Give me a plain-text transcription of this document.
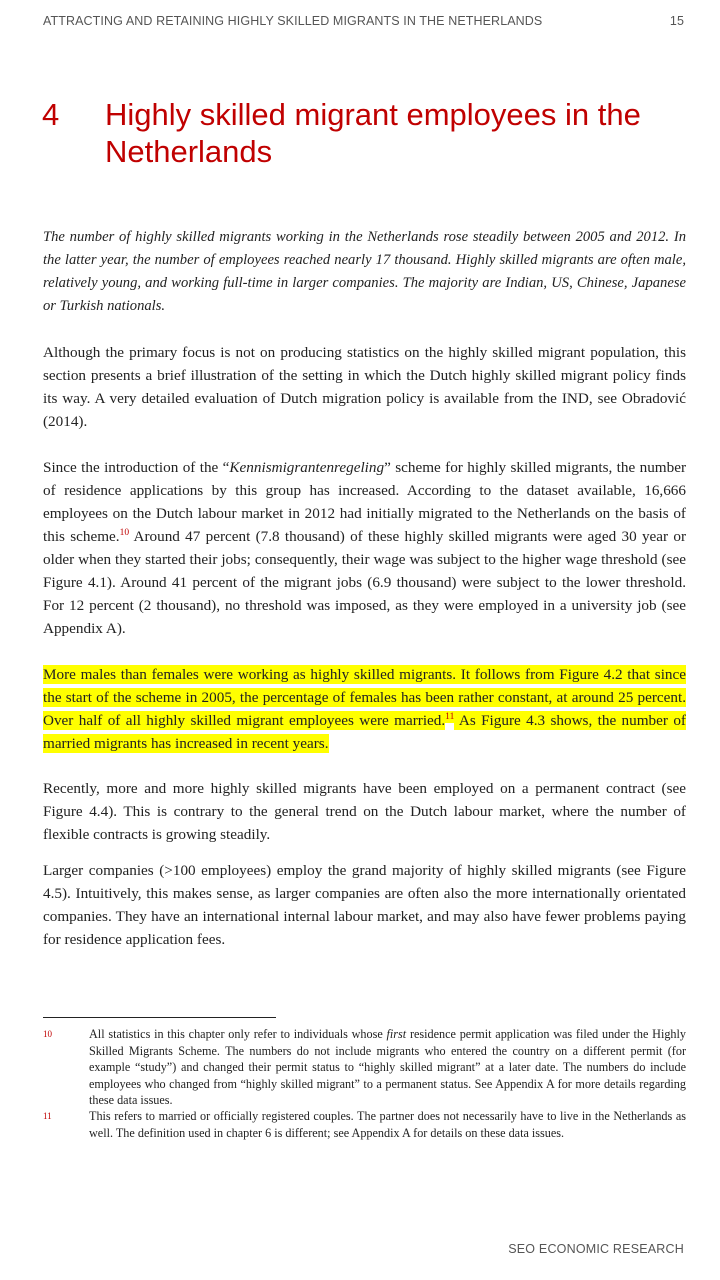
ATTRACTING AND RETAINING HIGHLY SKILLED MIGRANTS IN THE NETHERLANDS	15
4 Highly skilled migrant employees in the Netherlands

The number of highly skilled migrants working in the Netherlands rose steadily between 2005 and 2012. In the latter year, the number of employees reached nearly 17 thousand. Highly skilled migrants are often male, relatively young, and working full-time in larger companies. The majority are Indian, US, Chinese, Japanese or Turkish nationals.

Although the primary focus is not on producing statistics on the highly skilled migrant population, this section presents a brief illustration of the setting in which the Dutch highly skilled migrant policy finds its way. A very detailed evaluation of Dutch migration policy is available from the IND, see Obradović (2014).

Since the introduction of the “Kennismigrantenregeling” scheme for highly skilled migrants, the number of residence applications by this group has increased. According to the dataset available, 16,666 employees on the Dutch labour market in 2012 had initially migrated to the Netherlands on the basis of this scheme.$^{10}$ Around 47 percent (7.8 thousand) of these highly skilled migrants were aged 30 year or older when they started their jobs; consequently, their wage was subject to the higher wage threshold (see Figure 4.1). Around 41 percent of the migrant jobs (6.9 thousand) were subject to the lower threshold. For 12 percent (2 thousand), no threshold was imposed, as they were employed in a university job (see Appendix A).

More males than females were working as highly skilled migrants. It follows from Figure 4.2 that since the start of the scheme in 2005, the percentage of females has been rather constant, at around 25 percent. Over half of all highly skilled migrant employees were married.$^{11}$ As Figure 4.3 shows, the number of married migrants has increased in recent years.

Recently, more and more highly skilled migrants have been employed on a permanent contract (see Figure 4.4). This is contrary to the general trend on the Dutch labour market, where the number of flexible contracts is growing steadily.

Larger companies (>100 employees) employ the grand majority of highly skilled migrants (see Figure 4.5). Intuitively, this makes sense, as larger companies are often also the more internationally orientated companies. They have an international internal labour market, and may also have fewer problems paying for residence application fees.

10	All statistics in this chapter only refer to individuals whose first residence permit application was filed under the Highly Skilled Migrants Scheme. The numbers do not include migrants who entered the country on a different permit (for example “study”) and changed their permit status to “highly skilled migrant” at a later date. The numbers do include employees who changed from “highly skilled migrant” to a permanent status. See Appendix A for more details regarding these data issues.
11	This refers to married or officially registered couples. The partner does not necessarily have to live in the Netherlands as well. The definition used in chapter 6 is different; see Appendix A for details on these data issues.
SEO ECONOMIC RESEARCH
